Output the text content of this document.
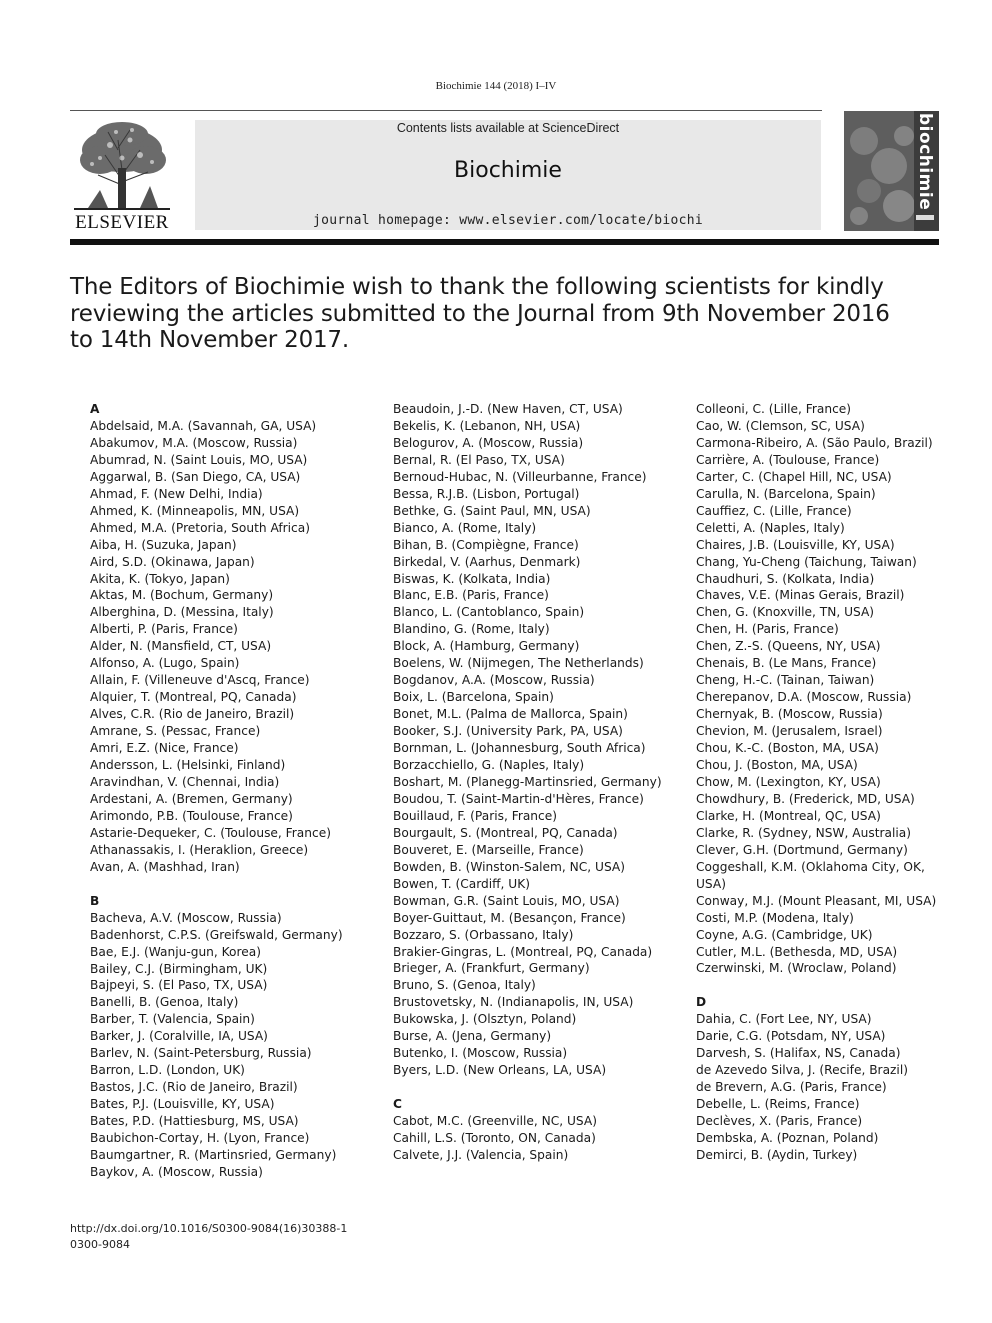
Biochimie 144 (2018) I–IV
ELSEVIER
Contents lists available at ScienceDirect
Biochimie
journal homepage: www.elsevier.com/locate/biochi
biochimie
The Editors of Biochimie wish to thank the following scientists for kindly reviewing the articles submitted to the Journal from 9th November 2016 to 14th November 2017.
A
Abdelsaid, M.A. (Savannah, GA, USA)
Abakumov, M.A. (Moscow, Russia)
Abumrad, N. (Saint Louis, MO, USA)
Aggarwal, B. (San Diego, CA, USA)
Ahmad, F. (New Delhi, India)
Ahmed, K. (Minneapolis, MN, USA)
Ahmed, M.A. (Pretoria, South Africa)
Aiba, H. (Suzuka, Japan)
Aird, S.D. (Okinawa, Japan)
Akita, K. (Tokyo, Japan)
Aktas, M. (Bochum, Germany)
Alberghina, D. (Messina, Italy)
Alberti, P. (Paris, France)
Alder, N. (Mansfield, CT, USA)
Alfonso, A. (Lugo, Spain)
Allain, F. (Villeneuve d'Ascq, France)
Alquier, T. (Montreal, PQ, Canada)
Alves, C.R. (Rio de Janeiro, Brazil)
Amrane, S. (Pessac, France)
Amri, E.Z. (Nice, France)
Andersson, L. (Helsinki, Finland)
Aravindhan, V. (Chennai, India)
Ardestani, A. (Bremen, Germany)
Arimondo, P.B. (Toulouse, France)
Astarie-Dequeker, C. (Toulouse, France)
Athanassakis, I. (Heraklion, Greece)
Avan, A. (Mashhad, Iran)
B
Bacheva, A.V. (Moscow, Russia)
Badenhorst, C.P.S. (Greifswald, Germany)
Bae, E.J. (Wanju-gun, Korea)
Bailey, C.J. (Birmingham, UK)
Bajpeyi, S. (El Paso, TX, USA)
Banelli, B. (Genoa, Italy)
Barber, T. (Valencia, Spain)
Barker, J. (Coralville, IA, USA)
Barlev, N. (Saint-Petersburg, Russia)
Barron, L.D. (London, UK)
Bastos, J.C. (Rio de Janeiro, Brazil)
Bates, P.J. (Louisville, KY, USA)
Bates, P.D. (Hattiesburg, MS, USA)
Baubichon-Cortay, H. (Lyon, France)
Baumgartner, R. (Martinsried, Germany)
Baykov, A. (Moscow, Russia)
Beaudoin, J.-D. (New Haven, CT, USA)
Bekelis, K. (Lebanon, NH, USA)
Belogurov, A. (Moscow, Russia)
Bernal, R. (El Paso, TX, USA)
Bernoud-Hubac, N. (Villeurbanne, France)
Bessa, R.J.B. (Lisbon, Portugal)
Bethke, G. (Saint Paul, MN, USA)
Bianco, A. (Rome, Italy)
Bihan, B. (Compiègne, France)
Birkedal, V. (Aarhus, Denmark)
Biswas, K. (Kolkata, India)
Blanc, E.B. (Paris, France)
Blanco, L. (Cantoblanco, Spain)
Blandino, G. (Rome, Italy)
Block, A. (Hamburg, Germany)
Boelens, W. (Nijmegen, The Netherlands)
Bogdanov, A.A. (Moscow, Russia)
Boix, L. (Barcelona, Spain)
Bonet, M.L. (Palma de Mallorca, Spain)
Booker, S.J. (University Park, PA, USA)
Bornman, L. (Johannesburg, South Africa)
Borzacchiello, G. (Naples, Italy)
Boshart, M. (Planegg-Martinsried, Germany)
Boudou, T. (Saint-Martin-d'Hères, France)
Bouillaud, F. (Paris, France)
Bourgault, S. (Montreal, PQ, Canada)
Bouveret, E. (Marseille, France)
Bowden, B. (Winston-Salem, NC, USA)
Bowen, T. (Cardiff, UK)
Bowman, G.R. (Saint Louis, MO, USA)
Boyer-Guittaut, M. (Besançon, France)
Bozzaro, S. (Orbassano, Italy)
Brakier-Gingras, L. (Montreal, PQ, Canada)
Brieger, A. (Frankfurt, Germany)
Bruno, S. (Genoa, Italy)
Brustovetsky, N. (Indianapolis, IN, USA)
Bukowska, J. (Olsztyn, Poland)
Burse, A. (Jena, Germany)
Butenko, I. (Moscow, Russia)
Byers, L.D. (New Orleans, LA, USA)
C
Cabot, M.C. (Greenville, NC, USA)
Cahill, L.S. (Toronto, ON, Canada)
Calvete, J.J. (Valencia, Spain)
Colleoni, C. (Lille, France)
Cao, W. (Clemson, SC, USA)
Carmona-Ribeiro, A. (São Paulo, Brazil)
Carrière, A. (Toulouse, France)
Carter, C. (Chapel Hill, NC, USA)
Carulla, N. (Barcelona, Spain)
Cauffiez, C. (Lille, France)
Celetti, A. (Naples, Italy)
Chaires, J.B. (Louisville, KY, USA)
Chang, Yu-Cheng (Taichung, Taiwan)
Chaudhuri, S. (Kolkata, India)
Chaves, V.E. (Minas Gerais, Brazil)
Chen, G. (Knoxville, TN, USA)
Chen, H. (Paris, France)
Chen, Z.-S. (Queens, NY, USA)
Chenais, B. (Le Mans, France)
Cheng, H.-C. (Tainan, Taiwan)
Cherepanov, D.A. (Moscow, Russia)
Chernyak, B. (Moscow, Russia)
Chevion, M. (Jerusalem, Israel)
Chou, K.-C. (Boston, MA, USA)
Chou, J. (Boston, MA, USA)
Chow, M. (Lexington, KY, USA)
Chowdhury, B. (Frederick, MD, USA)
Clarke, H. (Montreal, QC, USA)
Clarke, R. (Sydney, NSW, Australia)
Clever, G.H. (Dortmund, Germany)
Coggeshall, K.M. (Oklahoma City, OK, USA)
Conway, M.J. (Mount Pleasant, MI, USA)
Costi, M.P. (Modena, Italy)
Coyne, A.G. (Cambridge, UK)
Cutler, M.L. (Bethesda, MD, USA)
Czerwinski, M. (Wroclaw, Poland)
D
Dahia, C. (Fort Lee, NY, USA)
Darie, C.G. (Potsdam, NY, USA)
Darvesh, S. (Halifax, NS, Canada)
de Azevedo Silva, J. (Recife, Brazil)
de Brevern, A.G. (Paris, France)
Debelle, L. (Reims, France)
Declèves, X. (Paris, France)
Dembska, A. (Poznan, Poland)
Demirci, B. (Aydin, Turkey)
http://dx.doi.org/10.1016/S0300-9084(16)30388-1
0300-9084
